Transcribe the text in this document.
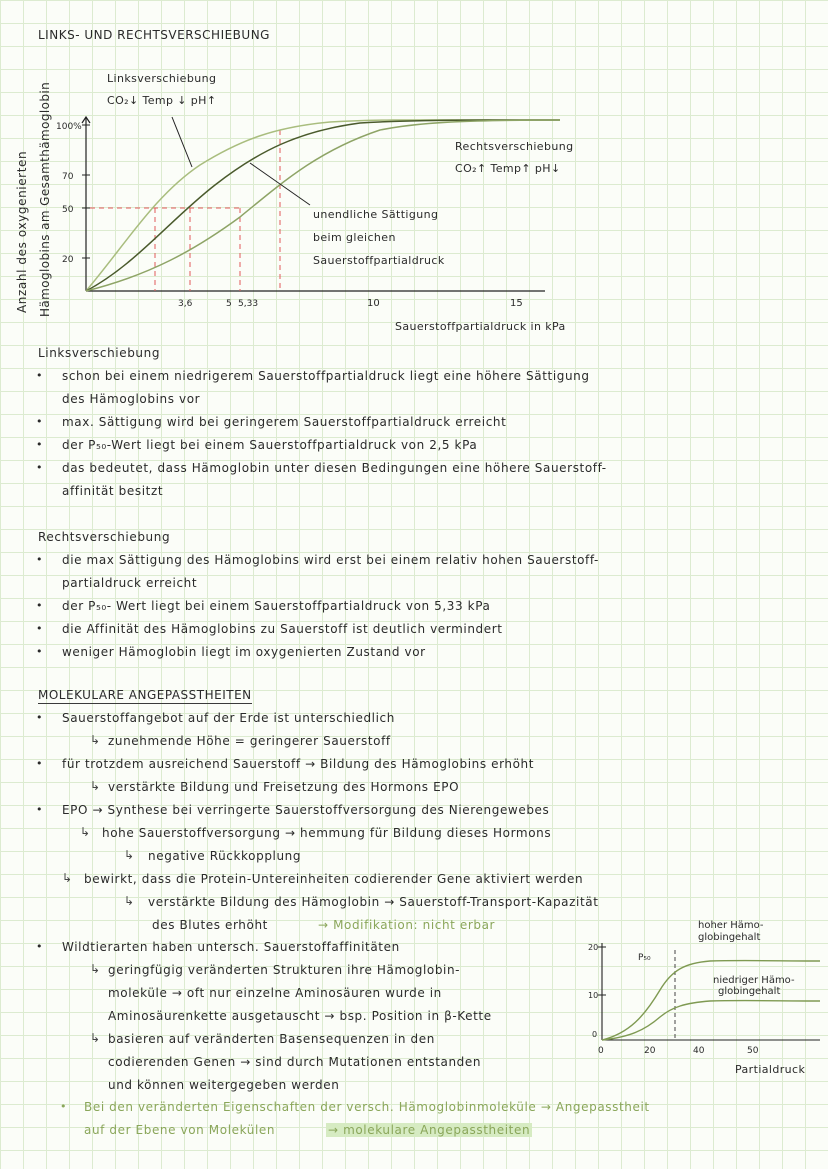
LINKS- UND RECHTSVERSCHIEBUNG
Anzahl des oxygenierten Hämoglobins am Gesamthämoglobin 100%
70
50
20
3,6	5 5,33	10	15
Linksverschiebung
CO₂↓ Temp ↓ pH↑
Rechtsverschiebung
CO₂↑ Temp↑ pH↓
unendliche Sättigung
beim gleichen
Sauerstoffpartialdruck
Sauerstoffpartialdruck in kPa
Linksverschiebung
• schon bei einem niedrigerem Sauerstoffpartialdruck liegt eine höhere Sättigung
des Hämoglobins vor
• max. Sättigung wird bei geringerem Sauerstoffpartialdruck erreicht
• der P₅₀-Wert liegt bei einem Sauerstoffpartialdruck von 2,5 kPa
• das bedeutet, dass Hämoglobin unter diesen Bedingungen eine höhere Sauerstoff-
affinität besitzt
Rechtsverschiebung
• die max Sättigung des Hämoglobins wird erst bei einem relativ hohen Sauerstoff-
partialdruck erreicht
• der P₅₀- Wert liegt bei einem Sauerstoffpartialdruck von 5,33 kPa
• die Affinität des Hämoglobins zu Sauerstoff ist deutlich vermindert
• weniger Hämoglobin liegt im oxygenierten Zustand vor
MOLEKULARE ANGEPASSTHEITEN
• Sauerstoffangebot auf der Erde ist unterschiedlich
↳ zunehmende Höhe = geringerer Sauerstoff
• für trotzdem ausreichend Sauerstoff → Bildung des Hämoglobins erhöht
↳ verstärkte Bildung und Freisetzung des Hormons EPO
• EPO → Synthese bei verringerte Sauerstoffversorgung des Nierengewebes
↳ hohe Sauerstoffversorgung → hemmung für Bildung dieses Hormons
↳ negative Rückkopplung
↳ bewirkt, dass die Protein-Untereinheiten codierender Gene aktiviert werden
↳ verstärkte Bildung des Hämoglobin → Sauerstoff-Transport-Kapazität
des Blutes erhöht	→ Modifikation: nicht erbar
• Wildtierarten haben untersch. Sauerstoffaffinitäten
↳ geringfügig veränderten Strukturen ihre Hämoglobin-
moleküle → oft nur einzelne Aminosäuren wurde in
Aminosäurenkette ausgetauscht → bsp. Position in β-Kette
↳ basieren auf veränderten Basensequenzen in den
codierenden Genen → sind durch Mutationen entstanden
und können weitergegeben werden
• Bei den veränderten Eigenschaften der versch. Hämoglobinmoleküle → Angepasstheit
auf der Ebene von Molekülen	→ molekulare Angepasstheiten
20
10
0
P₅₀
0	20	40	50
hoher Hämo-
globingehalt
niedriger Hämo-
globingehalt
Partialdruck
